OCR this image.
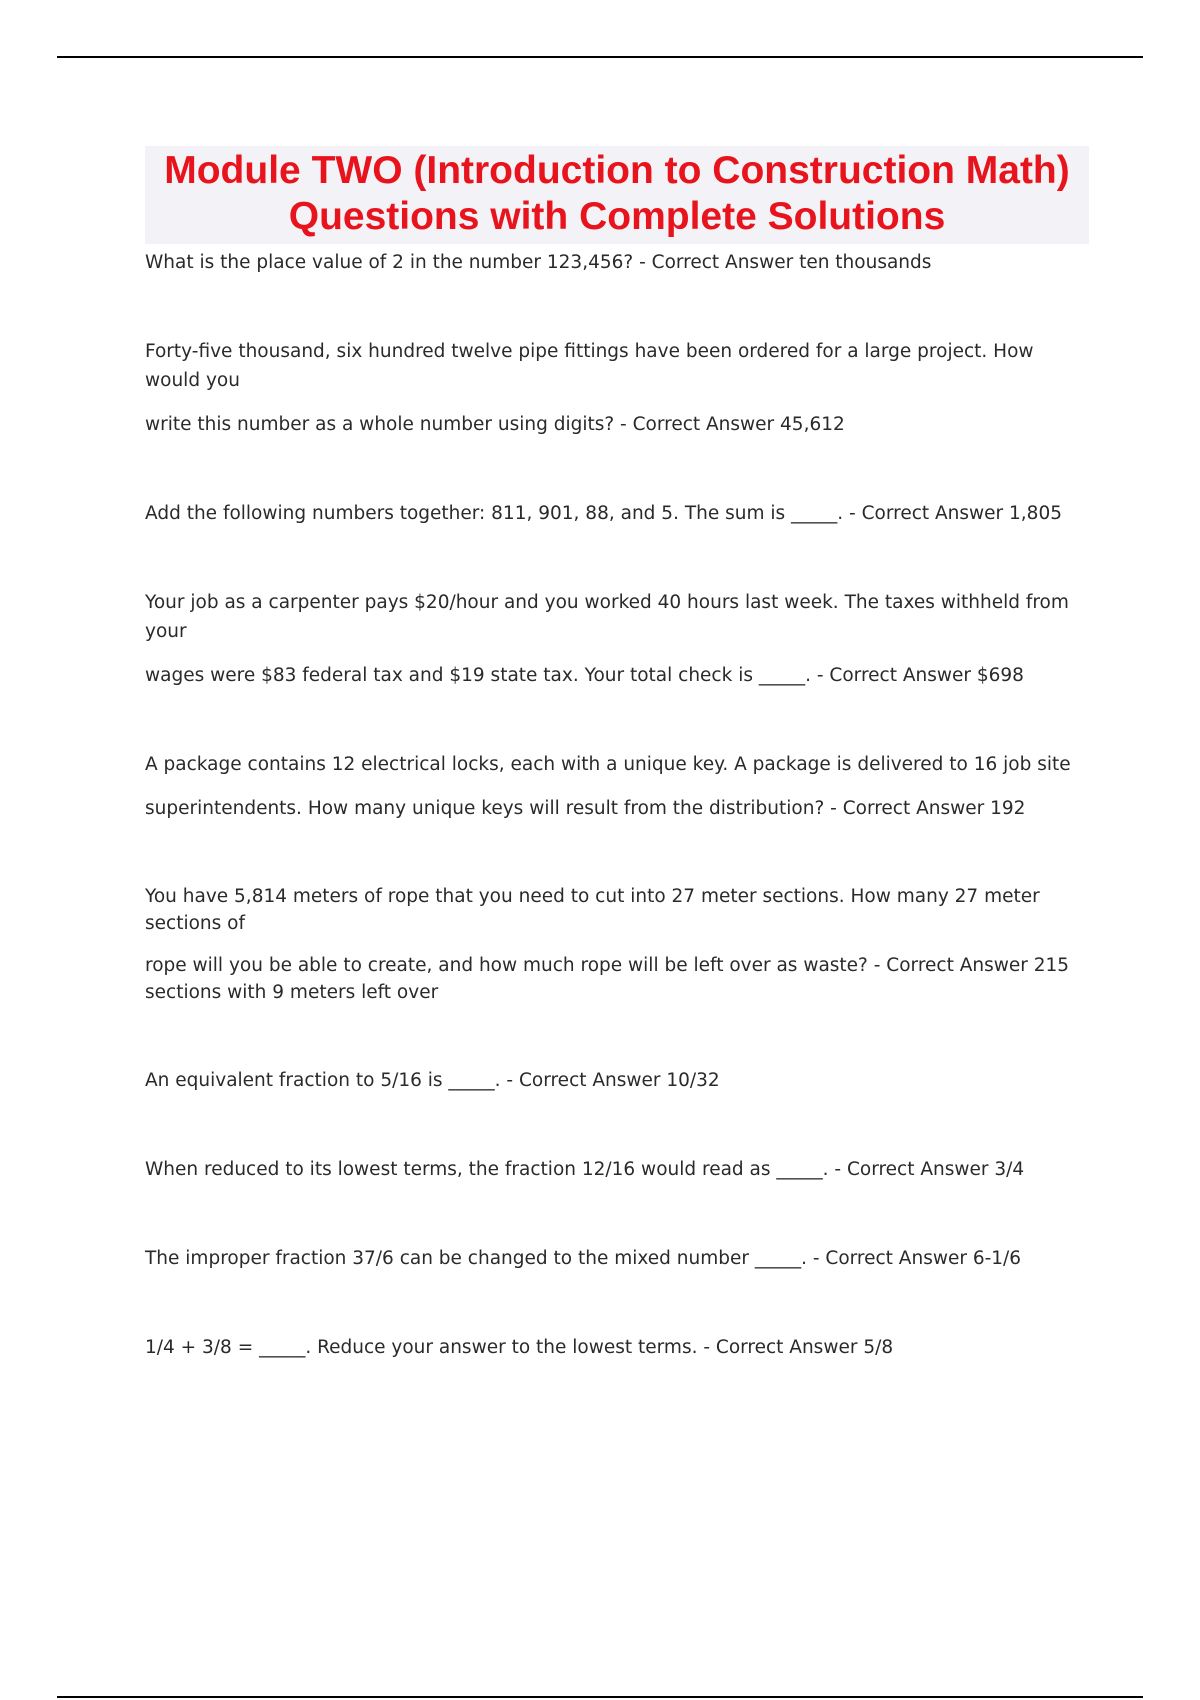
Module TWO (Introduction to Construction Math)
Questions with Complete Solutions
What is the place value of 2 in the number 123,456? - Correct Answer ten thousands
Forty-five thousand, six hundred twelve pipe fittings have been ordered for a large project. How would you
write this number as a whole number using digits? - Correct Answer 45,612
Add the following numbers together: 811, 901, 88, and 5. The sum is _____. - Correct Answer 1,805
Your job as a carpenter pays $20/hour and you worked 40 hours last week. The taxes withheld from your
wages were $83 federal tax and $19 state tax. Your total check is _____. - Correct Answer $698
A package contains 12 electrical locks, each with a unique key. A package is delivered to 16 job site
superintendents. How many unique keys will result from the distribution? - Correct Answer 192
You have 5,814 meters of rope that you need to cut into 27 meter sections. How many 27 meter sections of
rope will you be able to create, and how much rope will be left over as waste? - Correct Answer 215 sections with 9 meters left over
An equivalent fraction to 5/16 is _____. - Correct Answer 10/32
When reduced to its lowest terms, the fraction 12/16 would read as _____. - Correct Answer 3/4
The improper fraction 37/6 can be changed to the mixed number _____. - Correct Answer 6-1/6
1/4 + 3/8 = _____. Reduce your answer to the lowest terms. - Correct Answer 5/8
